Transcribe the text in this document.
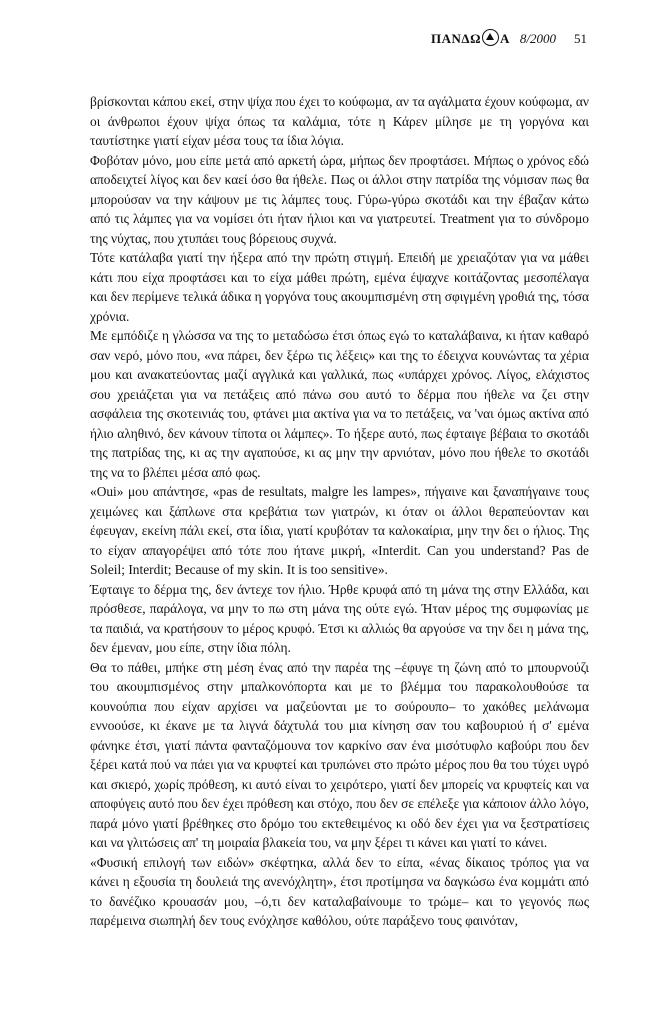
ΠΑΝΔΩ Α 8/2000 51

βρίσκονται κάπου εκεί, στην ψίχα που έχει το κούφωμα, αν τα αγάλματα έχουν κούφωμα, αν οι άνθρωποι έχουν ψίχα όπως τα καλάμια, τότε η Κάρεν μίλησε με τη γοργόνα και ταυτίστηκε γιατί είχαν μέσα τους τα ίδια λόγια.

Φοβόταν μόνο, μου είπε μετά από αρκετή ώρα, μήπως δεν προφτάσει. Μήπως ο χρόνος εδώ αποδειχτεί λίγος και δεν καεί όσο θα ήθελε. Πως οι άλλοι στην πατρίδα της νόμισαν πως θα μπορούσαν να την κάψουν με τις λάμπες τους. Γύρω-γύρω σκοτάδι και την έβαζαν κάτω από τις λάμπες για να νομίσει ότι ήταν ήλιοι και να γιατρευτεί. Treatment για το σύνδρομο της νύχτας, που χτυπάει τους βόρειους συχνά.

Τότε κατάλαβα γιατί την ήξερα από την πρώτη στιγμή. Επειδή με χρειαζόταν για να μάθει κάτι που είχα προφτάσει και το είχα μάθει πρώτη, εμένα έψαχνε κοιτάζοντας μεσοπέλαγα και δεν περίμενε τελικά άδικα η γοργόνα τους ακουμπισμένη στη σφιγμένη γροθιά της, τόσα χρόνια.

Με εμπόδιζε η γλώσσα να της το μεταδώσω έτσι όπως εγώ το καταλάβαινα, κι ήταν καθαρό σαν νερό, μόνο που, «να πάρει, δεν ξέρω τις λέξεις» και της το έδειχνα κουνώντας τα χέρια μου και ανακατεύοντας μαζί αγγλικά και γαλλικά, πως «υπάρχει χρόνος. Λίγος, ελάχιστος σου χρειάζεται για να πετάξεις από πάνω σου αυτό το δέρμα που ήθελε να ζει στην ασφάλεια της σκοτεινιάς του, φτάνει μια ακτίνα για να το πετάξεις, να 'ναι όμως ακτίνα από ήλιο αληθινό, δεν κάνουν τίποτα οι λάμπες». Το ήξερε αυτό, πως έφταιγε βέβαια το σκοτάδι της πατρίδας της, κι ας την αγαπούσε, κι ας μην την αρνιόταν, μόνο που ήθελε το σκοτάδι της να το βλέπει μέσα από φως.

«Oui» μου απάντησε, «pas de resultats, malgre les lampes», πήγαινε και ξαναπήγαινε τους χειμώνες και ξάπλωνε στα κρεβάτια των γιατρών, κι όταν οι άλλοι θεραπεύονταν και έφευγαν, εκείνη πάλι εκεί, στα ίδια, γιατί κρυβόταν τα καλοκαίρια, μην την δει ο ήλιος. Της το είχαν απαγορέψει από τότε που ήτανε μικρή, «Interdit. Can you understand? Pas de Soleil; Interdit; Because of my skin. It is too sensitive».

Έφταιγε το δέρμα της, δεν άντεχε τον ήλιο. Ήρθε κρυφά από τη μάνα της στην Ελλάδα, και πρόσθεσε, παράλογα, να μην το πω στη μάνα της ούτε εγώ. Ήταν μέρος της συμφωνίας με τα παιδιά, να κρατήσουν το μέρος κρυφό. Έτσι κι αλλιώς θα αργούσε να την δει η μάνα της, δεν έμεναν, μου είπε, στην ίδια πόλη.

Θα το πάθει, μπήκε στη μέση ένας από την παρέα της –έφυγε τη ζώνη από το μπουρνούζι του ακουμπισμένος στην μπαλκονόπορτα και με το βλέμμα του παρακολουθούσε τα κουνούπια που είχαν αρχίσει να μαζεύονται με το σούρουπο– το χακόθες μελάνωμα εννοούσε, κι έκανε με τα λιγνά δάχτυλά του μια κίνηση σαν του καβουριού ή σ' εμένα φάνηκε έτσι, γιατί πάντα φανταζόμουνα τον καρκίνο σαν ένα μισότυφλο καβούρι που δεν ξέρει κατά πού να πάει για να κρυφτεί και τρυπώνει στο πρώτο μέρος που θα του τύχει υγρό και σκιερό, χωρίς πρόθεση, κι αυτό είναι το χειρότερο, γιατί δεν μπορείς να κρυφτείς και να αποφύγεις αυτό που δεν έχει πρόθεση και στόχο, που δεν σε επέλεξε για κάποιον άλλο λόγο, παρά μόνο γιατί βρέθηκες στο δρόμο του εκτεθειμένος κι οδό δεν έχει για να ξεστρατίσεις και να γλιτώσεις απ' τη μοιραία βλακεία του, να μην ξέρει τι κάνει και γιατί το κάνει.

«Φυσική επιλογή των ειδών» σκέφτηκα, αλλά δεν το είπα, «ένας δίκαιος τρόπος για να κάνει η εξουσία τη δουλειά της ανενόχλητη», έτσι προτίμησα να δαγκώσω ένα κομμάτι από το δανέζικο κρουασάν μου, –ό,τι δεν καταλαβαίνουμε το τρώμε– και το γεγονός πως παρέμεινα σιωπηλή δεν τους ενόχλησε καθόλου, ούτε παράξενο τους φαινόταν,
